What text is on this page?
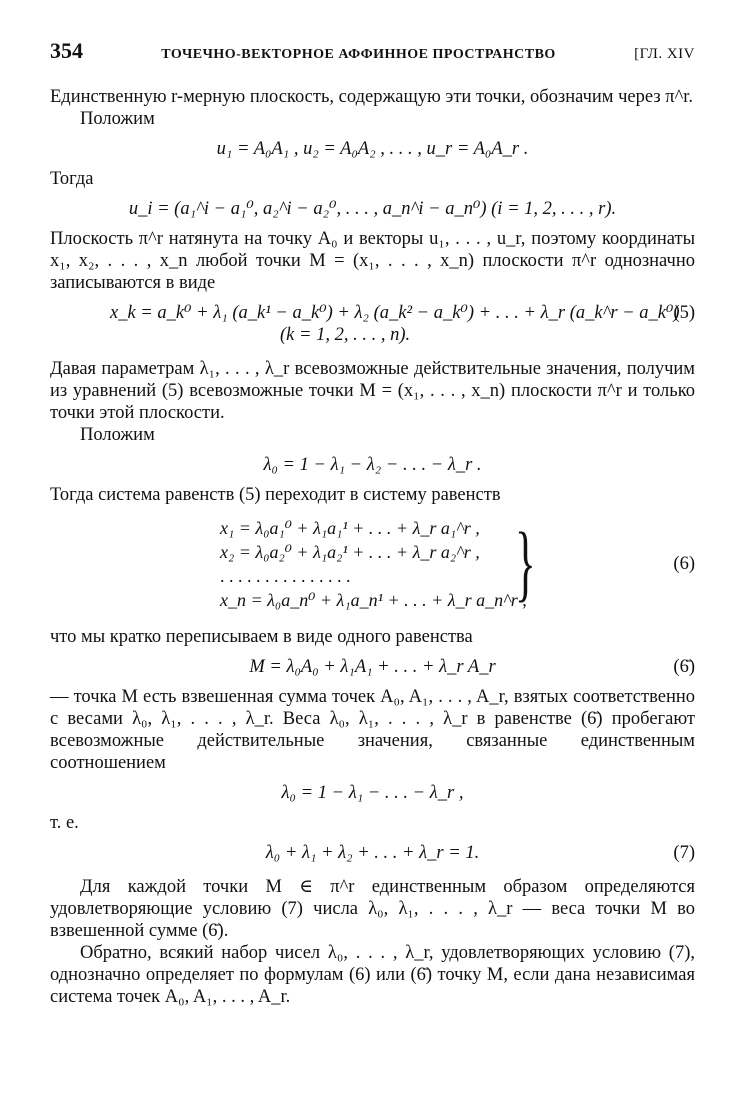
354	ТОЧЕЧНО-ВЕКТОРНОЕ АФФИННОЕ ПРОСТРАНСТВО	[ГЛ. XIV

Единственную r-мерную плоскость, содержащую эти точки, обозначим через π^r.

Положим

u₁ = A₀A₁ , u₂ = A₀A₂ , . . . , u_r = A₀A_r .

Тогда

u_i = (a₁^i − a₁⁰, a₂^i − a₂⁰, . . . , a_n^i − a_n⁰) (i = 1, 2, . . . , r).

Плоскость π^r натянута на точку A₀ и векторы u₁, . . . , u_r, поэтому координаты x₁, x₂, . . . , x_n любой точки M = (x₁, . . . , x_n) плоскости π^r однозначно записываются в виде

x_k = a_k⁰ + λ₁ (a_k¹ − a_k⁰) + λ₂ (a_k² − a_k⁰) + . . . + λ_r (a_k^r − a_k⁰)
(k = 1, 2, . . . , n).
(5)

Давая параметрам λ₁, . . . , λ_r всевозможные действительные значения, получим из уравнений (5) всевозможные точки M = (x₁, . . . , x_n) плоскости π^r и только точки этой плоскости.

Положим

λ₀ = 1 − λ₁ − λ₂ − . . . − λ_r .

Тогда система равенств (5) переходит в систему равенств

x₁ = λ₀a₁⁰ + λ₁a₁¹ + . . . + λ_r a₁^r ,
x₂ = λ₀a₂⁰ + λ₁a₂¹ + . . . + λ_r a₂^r ,
. . . . . . . . . . . . . . .
x_n = λ₀a_n⁰ + λ₁a_n¹ + . . . + λ_r a_n^r ,
}	(6)

что мы кратко переписываем в виде одного равенства

M = λ₀A₀ + λ₁A₁ + . . . + λ_r A_r	(6̄)

— точка M есть взвешенная сумма точек A₀, A₁, . . . , A_r, взятых соответственно с весами λ₀, λ₁, . . . , λ_r. Веса λ₀, λ₁, . . . , λ_r в равенстве (6̄) пробегают всевозможные действительные значения, связанные единственным соотношением

λ₀ = 1 − λ₁ − . . . − λ_r ,

т. е.

λ₀ + λ₁ + λ₂ + . . . + λ_r = 1.	(7)

Для каждой точки M ∈ π^r единственным образом определяются удовлетворяющие условию (7) числа λ₀, λ₁, . . . , λ_r — веса точки M во взвешенной сумме (6̄).

Обратно, всякий набор чисел λ₀, . . . , λ_r, удовлетворяющих условию (7), однозначно определяет по формулам (6) или (6̄) точку M, если дана независимая система точек A₀, A₁, . . . , A_r.
